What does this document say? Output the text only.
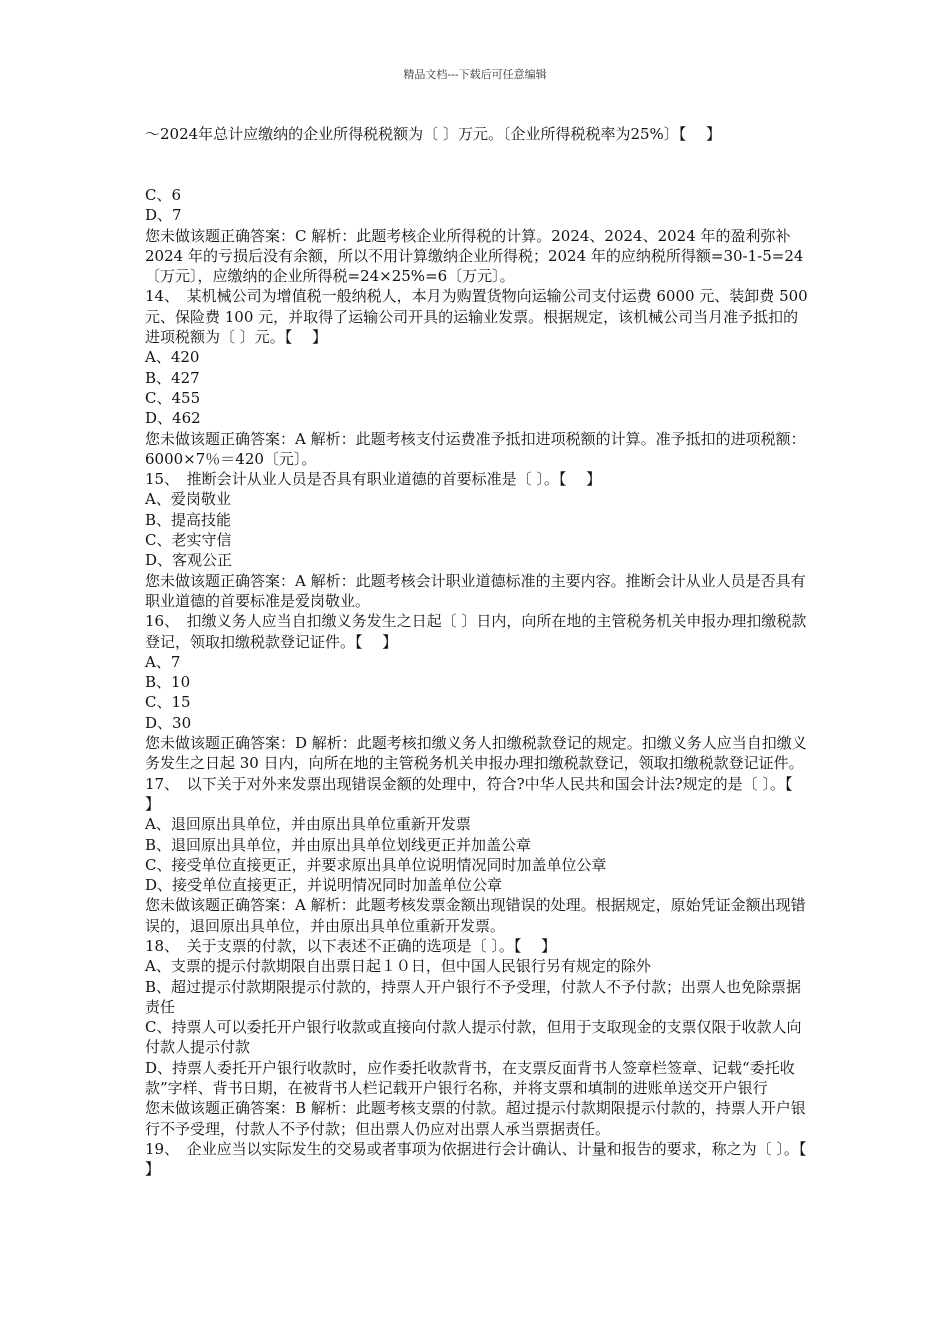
精品文档---下载后可任意编辑
～2024年总计应缴纳的企业所得税税额为〔 〕万元。〔企业所得税税率为25%〕【　 】

C、6

D、7

您未做该题正确答案：C 解析：此题考核企业所得税的计算。2024、2024、2024 年的盈利弥补 2024 年的亏损后没有余额，所以不用计算缴纳企业所得税；2024 年的应纳税所得额=30-1-5=24〔万元〕，应缴纳的企业所得税=24×25%=6〔万元〕。

14、　某机械公司为增值税一般纳税人，本月为购置货物向运输公司支付运费 6000 元、装卸费 500 元、保险费 100 元，并取得了运输公司开具的运输业发票。根据规定，该机械公司当月准予抵扣的进项税额为〔 〕元。【　 】

A、420

B、427

C、455

D、462

您未做该题正确答案：A 解析：此题考核支付运费准予抵扣进项税额的计算。准予抵扣的进项税额：6000×7％＝420〔元〕。

15、　推断会计从业人员是否具有职业道德的首要标准是〔 〕。【　 】

A、爱岗敬业

B、提高技能

C、老实守信

D、客观公正

您未做该题正确答案：A 解析：此题考核会计职业道德标准的主要内容。推断会计从业人员是否具有职业道德的首要标准是爱岗敬业。

16、　扣缴义务人应当自扣缴义务发生之日起〔 〕日内，向所在地的主管税务机关申报办理扣缴税款登记，领取扣缴税款登记证件。【　 】

A、7

B、10

C、15

D、30

您未做该题正确答案：D 解析：此题考核扣缴义务人扣缴税款登记的规定。扣缴义务人应当自扣缴义务发生之日起 30 日内，向所在地的主管税务机关申报办理扣缴税款登记，领取扣缴税款登记证件。

17、　以下关于对外来发票出现错误金额的处理中，符合?中华人民共和国会计法?规定的是〔 〕。【　 】

A、退回原出具单位，并由原出具单位重新开发票

B、退回原出具单位，并由原出具单位划线更正并加盖公章

C、接受单位直接更正，并要求原出具单位说明情况同时加盖单位公章

D、接受单位直接更正，并说明情况同时加盖单位公章

您未做该题正确答案：A 解析：此题考核发票金额出现错误的处理。根据规定，原始凭证金额出现错误的，退回原出具单位，并由原出具单位重新开发票。

18、　关于支票的付款，以下表述不正确的选项是〔 〕。【　 】

A、支票的提示付款期限自出票日起１０日，但中国人民银行另有规定的除外

B、超过提示付款期限提示付款的，持票人开户银行不予受理，付款人不予付款；出票人也免除票据责任

C、持票人可以委托开户银行收款或直接向付款人提示付款，但用于支取现金的支票仅限于收款人向付款人提示付款

D、持票人委托开户银行收款时，应作委托收款背书，在支票反面背书人签章栏签章、记载“委托收款”字样、背书日期，在被背书人栏记载开户银行名称，并将支票和填制的进账单送交开户银行

您未做该题正确答案：B 解析：此题考核支票的付款。超过提示付款期限提示付款的，持票人开户银行不予受理，付款人不予付款；但出票人仍应对出票人承当票据责任。

19、　企业应当以实际发生的交易或者事项为依据进行会计确认、计量和报告的要求，称之为〔 〕。【　 】
